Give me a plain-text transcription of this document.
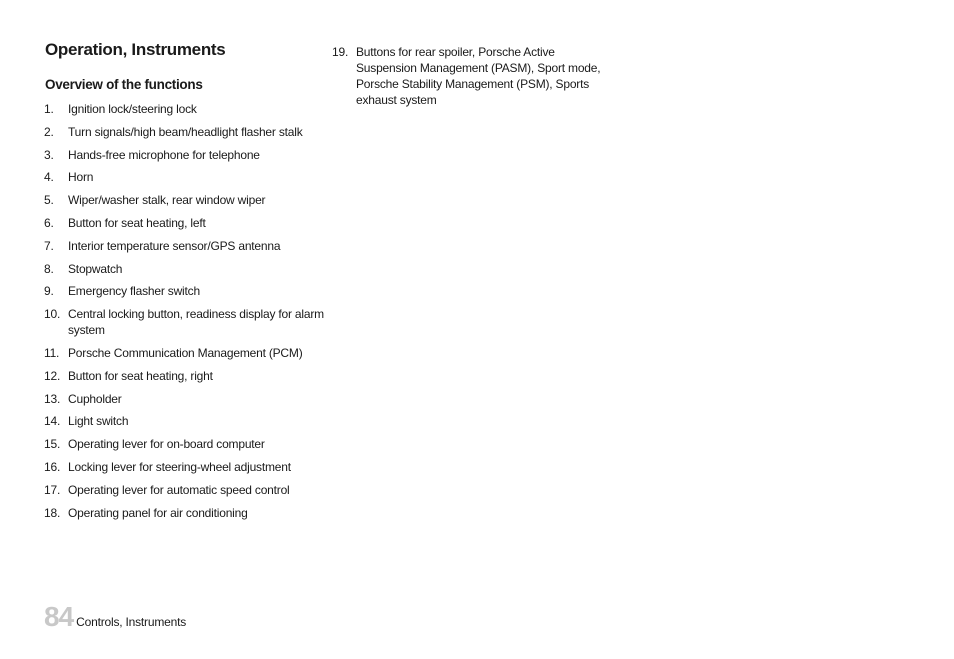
Operation, Instruments
Overview of the functions
1.	Ignition lock/steering lock
2.	Turn signals/high beam/headlight flasher stalk
3.	Hands-free microphone for telephone
4.	Horn
5.	Wiper/washer stalk, rear window wiper
6.	Button for seat heating, left
7.	Interior temperature sensor/GPS antenna
8.	Stopwatch
9.	Emergency flasher switch
10. Central locking button, readiness display for alarm system
11. Porsche Communication Management (PCM)
12. Button for seat heating, right
13. Cupholder
14. Light switch
15. Operating lever for on-board computer
16. Locking lever for steering-wheel adjustment
17. Operating lever for automatic speed control
18. Operating panel for air conditioning
19. Buttons for rear spoiler, Porsche Active Suspension Management (PASM), Sport mode, Porsche Stability Management (PSM), Sports exhaust system
84 Controls, Instruments
